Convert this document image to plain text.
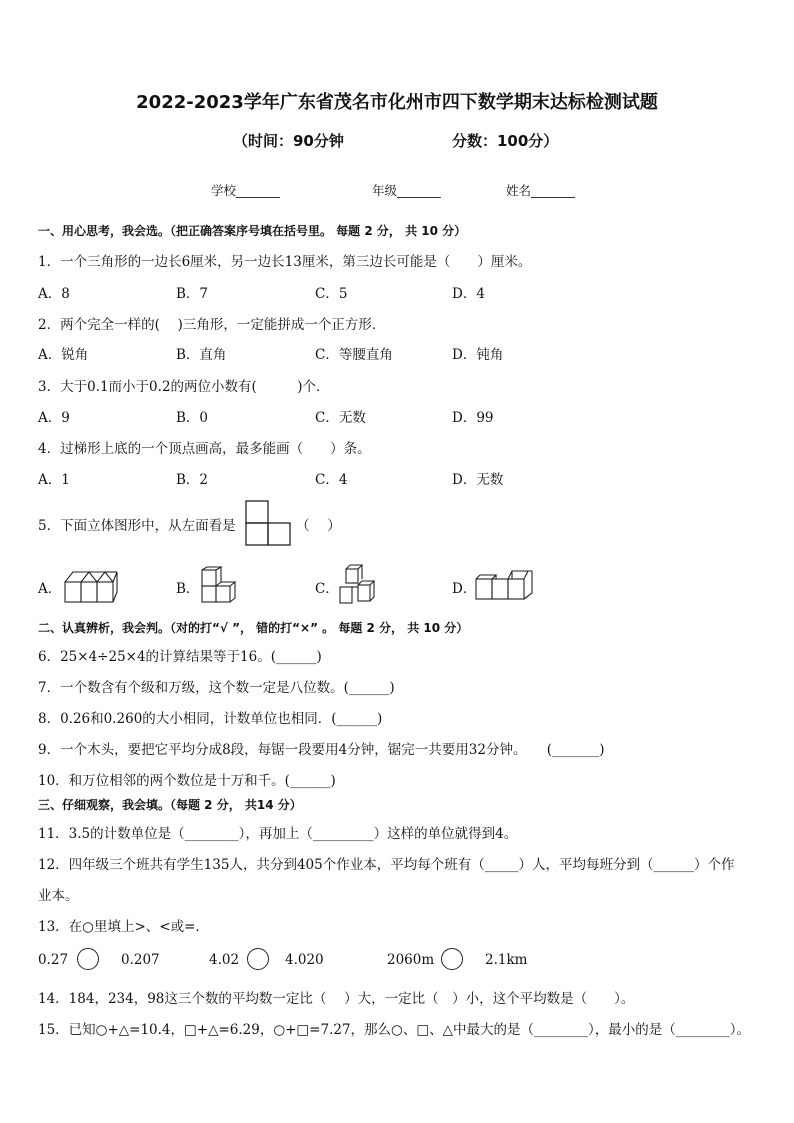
2022-2023学年广东省茂名市化州市四下数学期末达标检测试题
（时间：90分钟	分数：100分）
学校_______	年级_______	姓名_______
一、用心思考，我会选。（把正确答案序号填在括号里。 每题 2 分， 共 10 分）
1．一个三角形的一边长6厘米，另一边长13厘米，第三边长可能是（　　）厘米。
A．8	B．7	C．5	D．4
2．两个完全一样的(　 )三角形，一定能拼成一个正方形．
A．锐角	B．直角	C．等腰直角	D．钝角
3．大于0.1而小于0.2的两位小数有(　　　)个．
A．9	B．0	C．无数	D．99
4．过梯形上底的一个顶点画高，最多能画（　　）条。
A．1	B．2	C．4	D．无数
5．下面立体图形中，从左面看是	（　 ）
A．	B．	C．	D．
二、认真辨析，我会判。（对的打“√ ”， 错的打“×” 。 每题 2 分， 共 10 分）
6．25×4÷25×4的计算结果等于16。(______)
7．一个数含有个级和万级，这个数一定是八位数。(______)
8．0.26和0.260的大小相同，计数单位也相同．(______)
9．一个木头，要把它平均分成8段，每锯一段要用4分钟，锯完一共要用32分钟。　　(_______)
10．和万位相邻的两个数位是十万和千。(______)
三、仔细观察，我会填。（每题 2 分， 共14 分）
11．3.5的计数单位是（________），再加上（_________）这样的单位就得到4。
12．四年级三个班共有学生135人，共分到405个作业本，平均每个班有（_____）人，平均每班分到（______）个作
业本。
13．在○里填上>、<或=．
0.27	0.207	4.02	4.020	2060m	2.1km
14．184，234，98这三个数的平均数一定比（　 ）大，一定比（　）小，这个平均数是（　　）。
15．已知○+△=10.4，□+△=6.29，○+□=7.27，那么○、□、△中最大的是（________），最小的是（________）。
